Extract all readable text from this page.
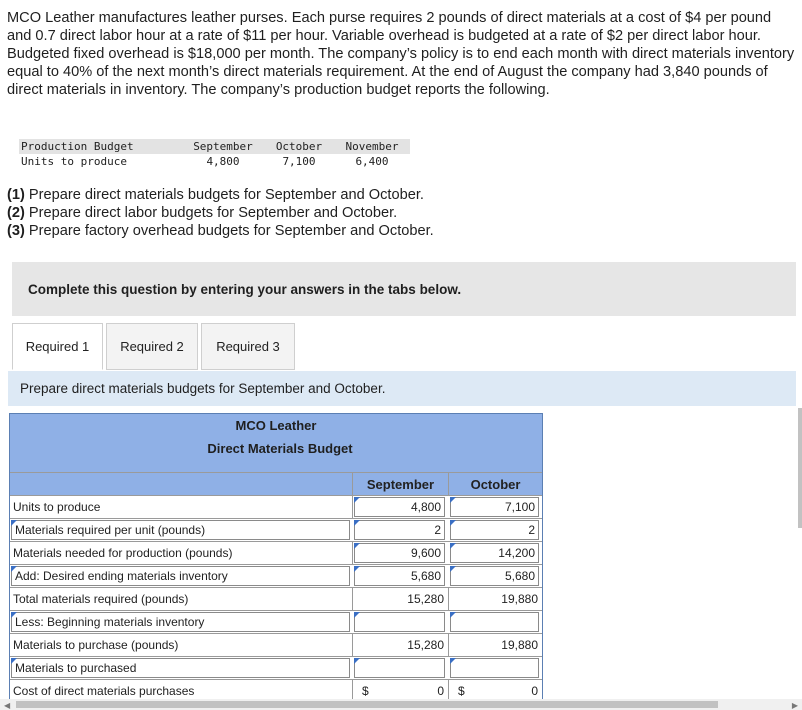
MCO Leather manufactures leather purses. Each purse requires 2 pounds of direct materials at a cost of $4 per pound and 0.7 direct labor hour at a rate of $11 per hour. Variable overhead is budgeted at a rate of $2 per direct labor hour. Budgeted fixed overhead is $18,000 per month. The company’s policy is to end each month with direct materials inventory equal to 40% of the next month’s direct materials requirement. At the end of August the company had 3,840 pounds of direct materials in inventory. The company’s production budget reports the following.

Production Budget	September	October	November
Units to produce	4,800	7,100	6,400
(1) Prepare direct materials budgets for September and October.
(2) Prepare direct labor budgets for September and October.
(3) Prepare factory overhead budgets for September and October.
Complete this question by entering your answers in the tabs below.
Required 1	Required 2	Required 3
Prepare direct materials budgets for September and October.
MCO Leather
Direct Materials Budget
September	October
Units to produce	4,800	7,100
Materials required per unit (pounds)	2	2
Materials needed for production (pounds)	9,600	14,200
Add: Desired ending materials inventory	5,680	5,680
Total materials required (pounds)	15,280	19,880
Less: Beginning materials inventory
Materials to purchase (pounds)	15,280	19,880
Materials to purchased
Cost of direct materials purchases	$	0 $	0
◀	▶
